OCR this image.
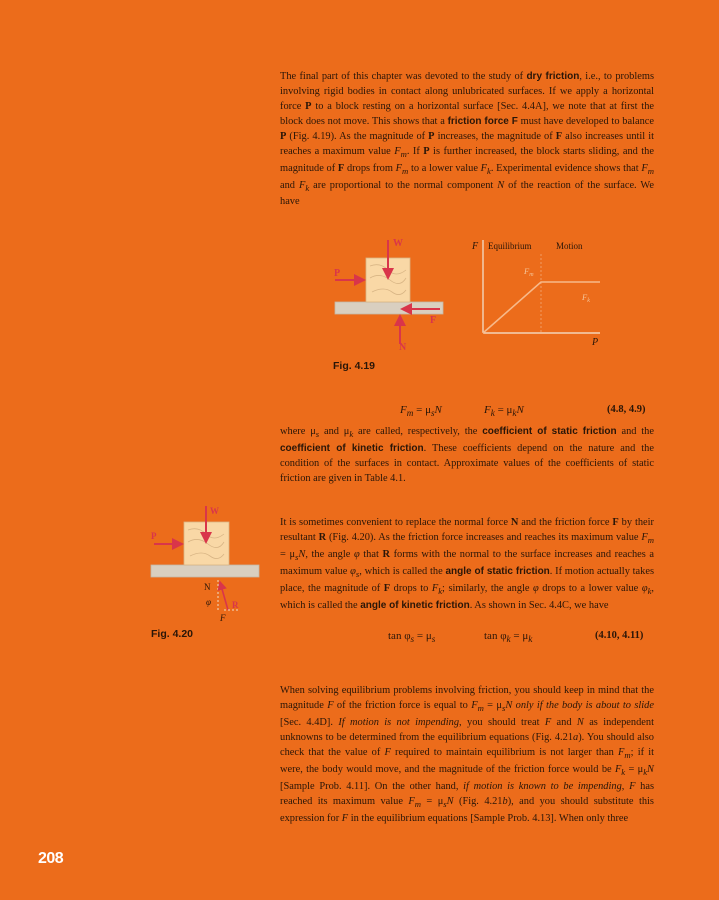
The final part of this chapter was devoted to the study of dry friction, i.e., to problems involving rigid bodies in contact along unlubricated surfaces. If we apply a horizontal force P to a block resting on a horizontal surface [Sec. 4.4A], we note that at first the block does not move. This shows that a friction force F must have developed to balance P (Fig. 4.19). As the magnitude of P increases, the magnitude of F also increases until it reaches a maximum value $F_m$. If P is further increased, the block starts sliding, and the magnitude of F drops from $F_m$ to a lower value $F_k$. Experimental evidence shows that $F_m$ and $F_k$ are proportional to the normal component N of the reaction of the surface. We have

W
P
F
N
F Equilibrium	Motion
$F_m$
$F_k$
P
Fig. 4.19
$F_m = \mu_sN$	$F_k = \mu_kN$	(4.8, 4.9)

where $\mu_s$ and $\mu_k$ are called, respectively, the coefficient of static friction and the coefficient of kinetic friction. These coefficients depend on the nature and the condition of the surfaces in contact. Approximate values of the coefficients of static friction are given in Table 4.1.

W
P
N
φ R
F
Fig. 4.20

It is sometimes convenient to replace the normal force N and the friction force F by their resultant R (Fig. 4.20). As the friction force increases and reaches its maximum value $F_m = \mu_sN$, the angle φ that R forms with the normal to the surface increases and reaches a maximum value $\varphi_s$, which is called the angle of static friction. If motion actually takes place, the magnitude of F drops to $F_k$; similarly, the angle φ drops to a lower value $\varphi_k$, which is called the angle of kinetic friction. As shown in Sec. 4.4C, we have

$\tan \varphi_s = \mu_s$	$\tan \varphi_k = \mu_k$	(4.10, 4.11)

When solving equilibrium problems involving friction, you should keep in mind that the magnitude F of the friction force is equal to $F_m = \mu_sN$ only if the body is about to slide [Sec. 4.4D]. If motion is not impending, you should treat F and N as independent unknowns to be determined from the equilibrium equations (Fig. 4.21a). You should also check that the value of F required to maintain equilibrium is not larger than $F_m$; if it were, the body would move, and the magnitude of the friction force would be $F_k = \mu_kN$ [Sample Prob. 4.11]. On the other hand, if motion is known to be impending, F has reached its maximum value $F_m = \mu_sN$ (Fig. 4.21b), and you should substitute this expression for F in the equilibrium equations [Sample Prob. 4.13]. When only three

208
